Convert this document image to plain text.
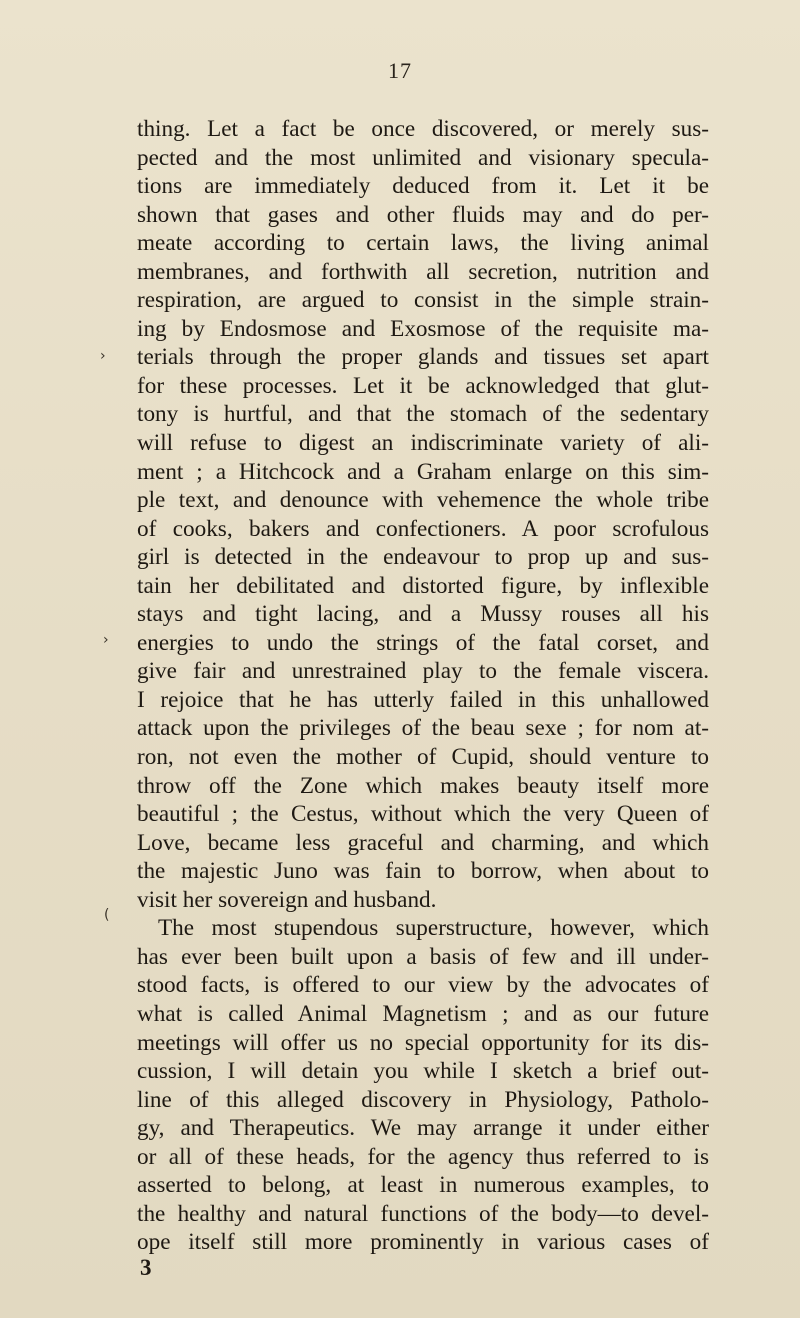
17
thing. Let a fact be once discovered, or merely sus-
pected and the most unlimited and visionary specula-
tions are immediately deduced from it. Let it be
shown that gases and other fluids may and do per-
meate according to certain laws, the living animal
membranes, and forthwith all secretion, nutrition and
respiration, are argued to consist in the simple strain-
ing by Endosmose and Exosmose of the requisite ma-
terials through the proper glands and tissues set apart
for these processes. Let it be acknowledged that glut-
tony is hurtful, and that the stomach of the sedentary
will refuse to digest an indiscriminate variety of ali-
ment ; a Hitchcock and a Graham enlarge on this sim-
ple text, and denounce with vehemence the whole tribe
of cooks, bakers and confectioners. A poor scrofulous
girl is detected in the endeavour to prop up and sus-
tain her debilitated and distorted figure, by inflexible
stays and tight lacing, and a Mussy rouses all his
energies to undo the strings of the fatal corset, and
give fair and unrestrained play to the female viscera.
I rejoice that he has utterly failed in this unhallowed
attack upon the privileges of the beau sexe ; for nom at-
ron, not even the mother of Cupid, should venture to
throw off the Zone which makes beauty itself more
beautiful ; the Cestus, without which the very Queen of
Love, became less graceful and charming, and which
the majestic Juno was fain to borrow, when about to
visit her sovereign and husband.
The most stupendous superstructure, however, which
has ever been built upon a basis of few and ill under-
stood facts, is offered to our view by the advocates of
what is called Animal Magnetism ; and as our future
meetings will offer us no special opportunity for its dis-
cussion, I will detain you while I sketch a brief out-
line of this alleged discovery in Physiology, Patholo-
gy, and Therapeutics. We may arrange it under either
or all of these heads, for the agency thus referred to is
asserted to belong, at least in numerous examples, to
the healthy and natural functions of the body—to devel-
ope itself still more prominently in various cases of
3
›
›
(
